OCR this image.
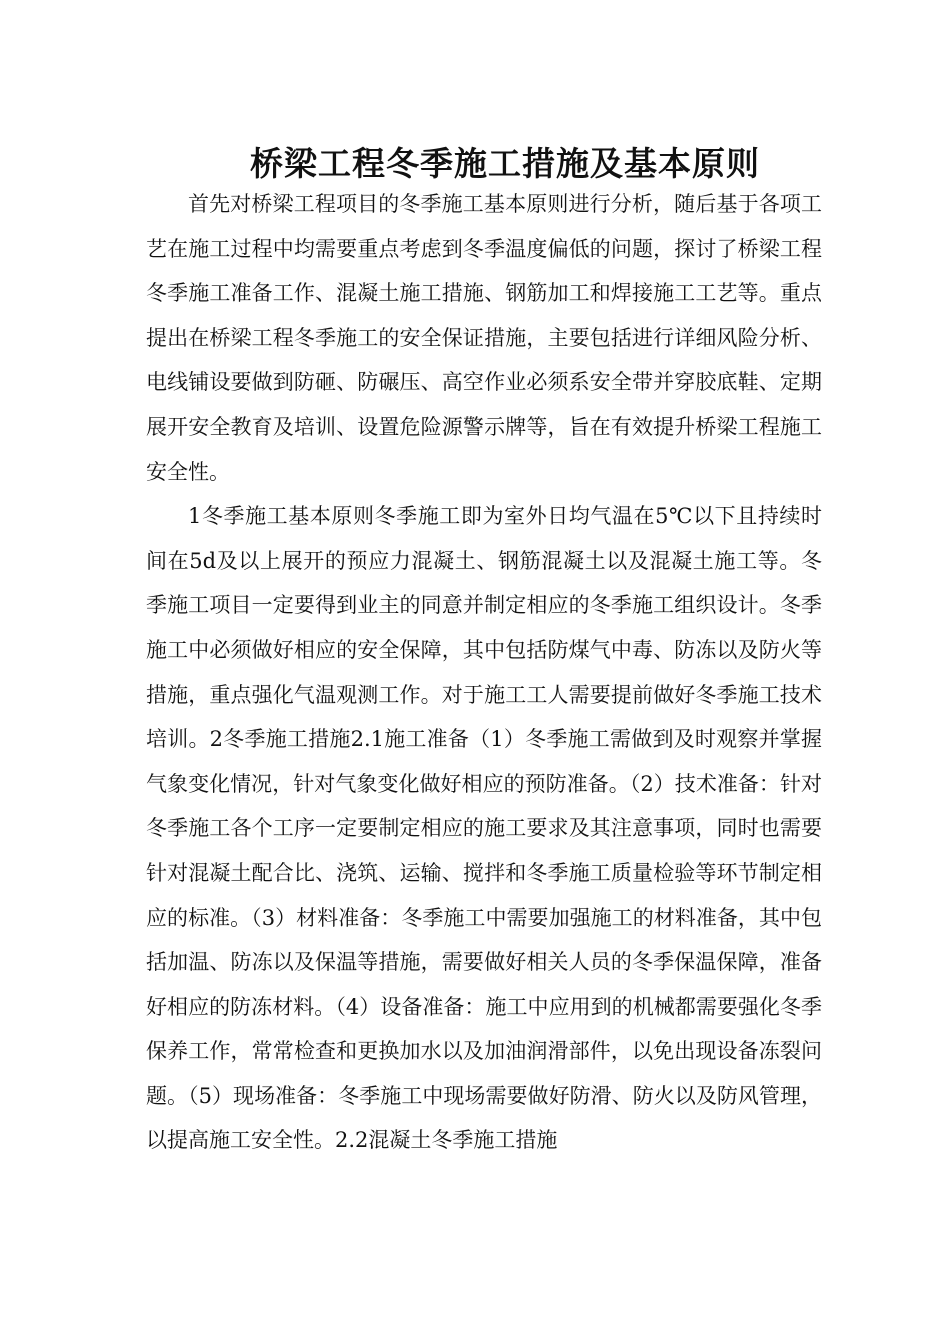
桥梁工程冬季施工措施及基本原则

首先对桥梁工程项目的冬季施工基本原则进行分析，随后基于各项工艺在施工过程中均需要重点考虑到冬季温度偏低的问题，探讨了桥梁工程冬季施工准备工作、混凝土施工措施、钢筋加工和焊接施工工艺等。重点提出在桥梁工程冬季施工的安全保证措施，主要包括进行详细风险分析、电线铺设要做到防砸、防碾压、高空作业必须系安全带并穿胶底鞋、定期展开安全教育及培训、设置危险源警示牌等，旨在有效提升桥梁工程施工安全性。

1冬季施工基本原则冬季施工即为室外日均气温在5℃以下且持续时间在5d及以上展开的预应力混凝土、钢筋混凝土以及混凝土施工等。冬季施工项目一定要得到业主的同意并制定相应的冬季施工组织设计。冬季施工中必须做好相应的安全保障，其中包括防煤气中毒、防冻以及防火等措施，重点强化气温观测工作。对于施工工人需要提前做好冬季施工技术培训。2冬季施工措施2.1施工准备（1）冬季施工需做到及时观察并掌握气象变化情况，针对气象变化做好相应的预防准备。（2）技术准备：针对冬季施工各个工序一定要制定相应的施工要求及其注意事项，同时也需要针对混凝土配合比、浇筑、运输、搅拌和冬季施工质量检验等环节制定相应的标准。（3）材料准备：冬季施工中需要加强施工的材料准备，其中包括加温、防冻以及保温等措施，需要做好相关人员的冬季保温保障，准备好相应的防冻材料。（4）设备准备：施工中应用到的机械都需要强化冬季保养工作，常常检查和更换加水以及加油润滑部件，以免出现设备冻裂问题。（5）现场准备：冬季施工中现场需要做好防滑、防火以及防风管理，以提高施工安全性。2.2混凝土冬季施工措施
